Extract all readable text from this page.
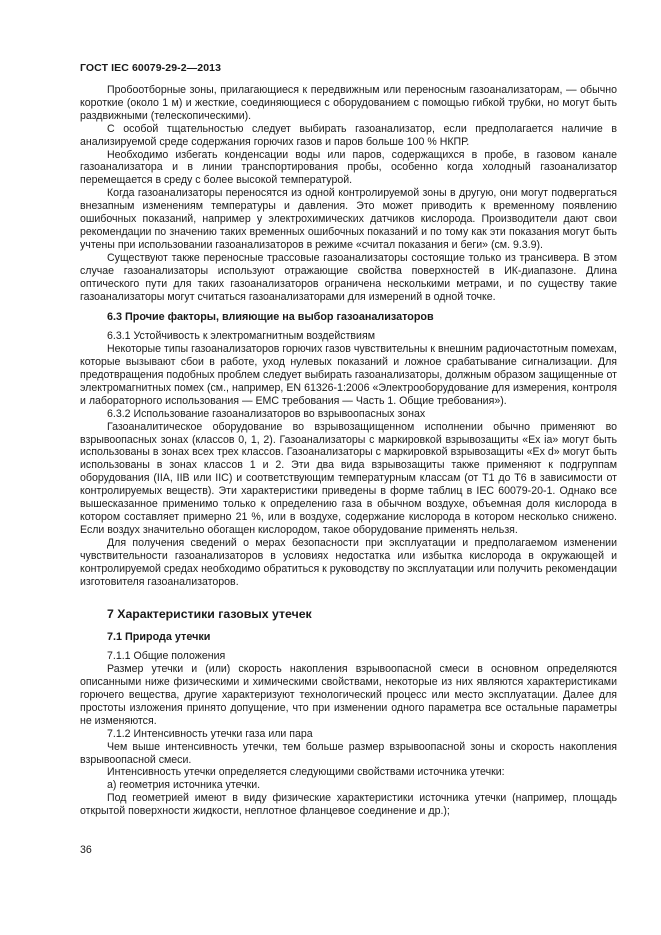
ГОСТ IEC 60079-29-2—2013

Пробоотборные зоны, прилагающиеся к передвижным или переносным газоанализаторам, — обычно короткие (около 1 м) и жесткие, соединяющиеся с оборудованием с помощью гибкой трубки, но могут быть раздвижными (телескопическими).

С особой тщательностью следует выбирать газоанализатор, если предполагается наличие в анализируемой среде содержания горючих газов и паров больше 100 % НКПР.

Необходимо избегать конденсации воды или паров, содержащихся в пробе, в газовом канале газоанализатора и в линии транспортирования пробы, особенно когда холодный газоанализатор перемещается в среду с более высокой температурой.

Когда газоанализаторы переносятся из одной контролируемой зоны в другую, они могут подвергаться внезапным изменениям температуры и давления. Это может приводить к временному появлению ошибочных показаний, например у электрохимических датчиков кислорода. Производители дают свои рекомендации по значению таких временных ошибочных показаний и по тому как эти показания могут быть учтены при использовании газоанализаторов в режиме «считал показания и беги» (см. 9.3.9).

Существуют также переносные трассовые газоанализаторы состоящие только из трансивера. В этом случае газоанализаторы используют отражающие свойства поверхностей в ИК-диапазоне. Длина оптического пути для таких газоанализаторов ограничена несколькими метрами, и по существу такие газоанализаторы могут считаться газоанализаторами для измерений в одной точке.

6.3 Прочие факторы, влияющие на выбор газоанализаторов
6.3.1 Устойчивость к электромагнитным воздействиям

Некоторые типы газоанализаторов горючих газов чувствительны к внешним радиочастотным помехам, которые вызывают сбои в работе, уход нулевых показаний и ложное срабатывание сигнализации. Для предотвращения подобных проблем следует выбирать газоанализаторы, должным образом защищенные от электромагнитных помех (см., например, EN 61326-1:2006 «Электрооборудование для измерения, контроля и лабораторного использования — EMC требования — Часть 1. Общие требования»).

6.3.2 Использование газоанализаторов во взрывоопасных зонах

Газоаналитическое оборудование во взрывозащищенном исполнении обычно применяют во взрывоопасных зонах (классов 0, 1, 2). Газоанализаторы с маркировкой взрывозащиты «Ex ia» могут быть использованы в зонах всех трех классов. Газоанализаторы с маркировкой взрывозащиты «Ex d» могут быть использованы в зонах классов 1 и 2. Эти два вида взрывозащиты также применяют к подгруппам оборудования (IIA, IIB или IIC) и соответствующим температурным классам (от Т1 до Т6 в зависимости от контролируемых веществ). Эти характеристики приведены в форме таблиц в IEC 60079-20-1. Однако все вышесказанное применимо только к определению газа в обычном воздухе, объемная доля кислорода в котором составляет примерно 21 %, или в воздухе, содержание кислорода в котором несколько снижено. Если воздух значительно обогащен кислородом, такое оборудование применять нельзя.

Для получения сведений о мерах безопасности при эксплуатации и предполагаемом изменении чувствительности газоанализаторов в условиях недостатка или избытка кислорода в окружающей и контролируемой средах необходимо обратиться к руководству по эксплуатации или получить рекомендации изготовителя газоанализаторов.

7 Характеристики газовых утечек
7.1 Природа утечки
7.1.1 Общие положения

Размер утечки и (или) скорость накопления взрывоопасной смеси в основном определяются описанными ниже физическими и химическими свойствами, некоторые из них являются характеристиками горючего вещества, другие характеризуют технологический процесс или место эксплуатации. Далее для простоты изложения принято допущение, что при изменении одного параметра все остальные параметры не изменяются.

7.1.2 Интенсивность утечки газа или пара

Чем выше интенсивность утечки, тем больше размер взрывоопасной зоны и скорость накопления взрывоопасной смеси.

Интенсивность утечки определяется следующими свойствами источника утечки:

а) геометрия источника утечки.

Под геометрией имеют в виду физические характеристики источника утечки (например, площадь открытой поверхности жидкости, неплотное фланцевое соединение и др.);

36
